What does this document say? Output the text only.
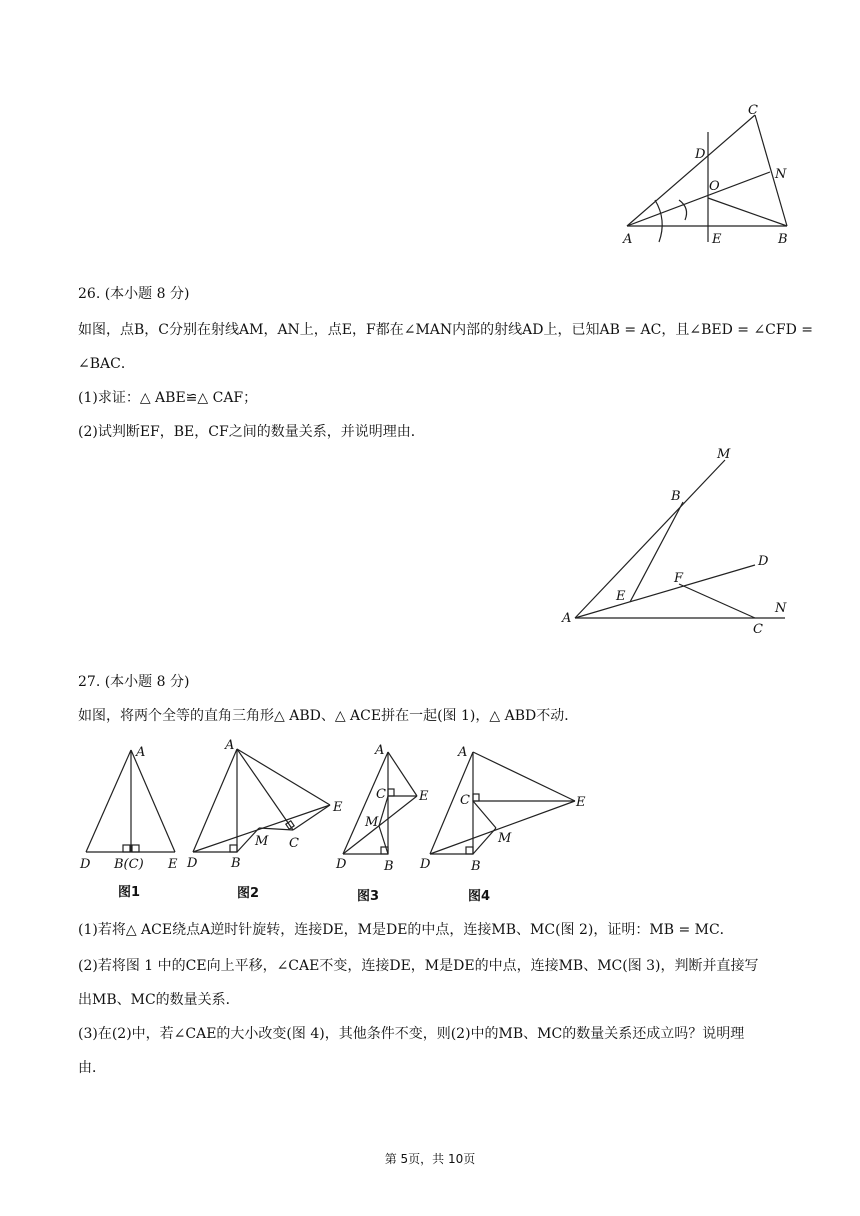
C
D
N
O
A	E	B
26. (本小题 8 分)
如图，点B，C分别在射线AM，AN上，点E，F都在∠MAN内部的射线AD上，已知AB = AC，且∠BED = ∠CFD =
∠BAC．
(1)求证：△ ABE≌△ CAF；
(2)试判断EF，BE，CF之间的数量关系，并说明理由．
M
B
D
F
E
A
N
C
27. (本小题 8 分)
如图，将两个全等的直角三角形△ ABD、△ ACE拼在一起(图 1)，△ ABD不动．
A
D B(C) E
图1
A
E
M C
D	B
图2
A
C	E
M
D	B
图3
A
C	E
M
D	B
图4
(1)若将△ ACE绕点A逆时针旋转，连接DE，M是DE的中点，连接MB、MC(图 2)，证明：MB = MC．
(2)若将图 1 中的CE向上平移，∠CAE不变，连接DE，M是DE的中点，连接MB、MC(图 3)，判断并直接写
出MB、MC的数量关系．
(3)在(2)中，若∠CAE的大小改变(图 4)，其他条件不变，则(2)中的MB、MC的数量关系还成立吗？说明理
由．
第 5页，共 10页
